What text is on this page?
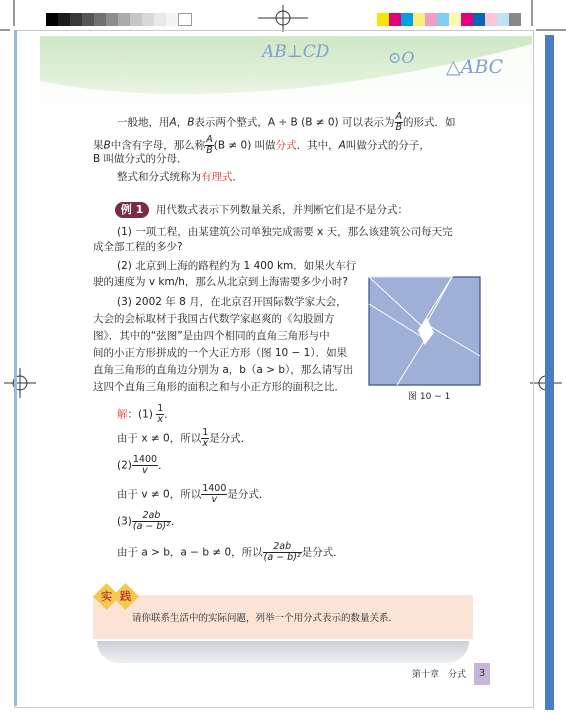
AB⊥CD	⊙O △ABC
一般地，用A，B表示两个整式，A ÷ B (B ≠ 0) 可以表示为 $\frac{A}{B}$ 的形式．如
果B中含有字母，那么称 $\frac{A}{B} (B \ne 0)$ 叫做分式．其中，A叫做分式的分子，
B 叫做分式的分母．
整式和分式统称为有理式．
例 1	用代数式表示下列数量关系，并判断它们是不是分式：
(1) 一项工程，由某建筑公司单独完成需要 x 天，那么该建筑公司每天完
成全部工程的多少?
(2) 北京到上海的路程约为 1 400 km．如果火车行
驶的速度为 v km/h，那么从北京到上海需要多少小时?
(3) 2002 年 8 月，在北京召开国际数学家大会，
大会的会标取材于我国古代数学家赵爽的《勾股圆方
图》．其中的“弦图”是由四个相同的直角三角形与中
间的小正方形拼成的一个大正方形（图 10 − 1）．如果
直角三角形的直角边分别为 a，b（a > b），那么请写出
这四个直角三角形的面积之和与小正方形的面积之比．
图 10 − 1
解：$(1) \frac{1}{x}$ ．
由于 x ≠ 0，所以 $\frac{1}{x}$ 是分式．
$(2) \frac{1400}{v}$ ．
由于 v ≠ 0，所以 $\frac{1400}{v}$ 是分式．
$(3) \frac{2ab}{\text{(a − b)²}}$ ．
由于 a > b，a − b ≠ 0，所以 $\frac{2ab}{\text{(a − b)²}}$ 是分式．
实 践
请你联系生活中的实际问题，列举一个用分式表示的数量关系．
第十章　分式	3
